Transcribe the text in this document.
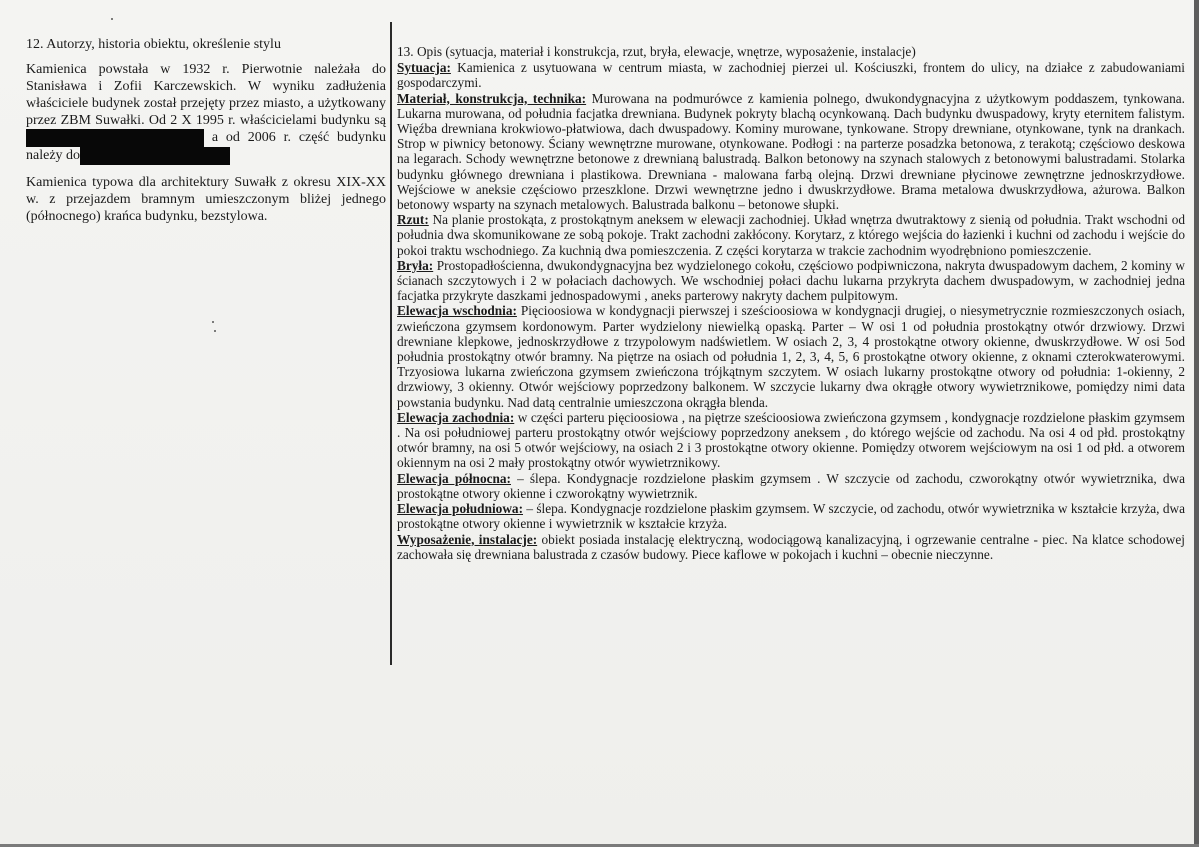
12. Autorzy, historia obiektu, określenie stylu

Kamienica powstała w 1932 r. Pierwotnie należała do Stanisława i Zofii Karczewskich. W wyniku zadłużenia właściciele budynek został przejęty przez miasto, a użytkowany przez ZBM Suwałki. Od 2 X 1995 r. właścicielami budynku są  a od 2006 r. część budynku należy do

Kamienica typowa dla architektury Suwałk z okresu XIX-XX w. z przejazdem bramnym umieszczonym bliżej jednego (północnego) krańca budynku, bezstylowa.

13. Opis (sytuacja, materiał i konstrukcja, rzut, bryła, elewacje, wnętrze, wyposażenie, instalacje)

Sytuacja: Kamienica z usytuowana w centrum miasta, w zachodniej pierzei ul. Kościuszki, frontem do ulicy, na działce z zabudowaniami gospodarczymi.

Materiał, konstrukcja, technika: Murowana na podmurówce z kamienia polnego, dwukondygnacyjna z użytkowym poddaszem, tynkowana. Lukarna murowana, od południa facjatka drewniana. Budynek pokryty blachą ocynkowaną. Dach budynku dwuspadowy, kryty eternitem falistym. Więźba drewniana krokwiowo-płatwiowa, dach dwuspadowy. Kominy murowane, tynkowane. Stropy drewniane, otynkowane, tynk na drankach. Strop w piwnicy betonowy. Ściany wewnętrzne murowane, otynkowane. Podłogi : na parterze posadzka betonowa, z terakotą; częściowo deskowa na legarach. Schody wewnętrzne betonowe z drewnianą balustradą. Balkon betonowy na szynach stalowych z betonowymi balustradami. Stolarka budynku głównego drewniana i plastikowa. Drewniana - malowana farbą olejną. Drzwi drewniane płycinowe zewnętrzne jednoskrzydłowe. Wejściowe w aneksie częściowo przeszklone. Drzwi wewnętrzne jedno i dwuskrzydłowe. Brama metalowa dwuskrzydłowa, ażurowa. Balkon betonowy wsparty na szynach metalowych. Balustrada balkonu – betonowe słupki.

Rzut: Na planie prostokąta, z prostokątnym aneksem w elewacji zachodniej. Układ wnętrza dwutraktowy z sienią od południa. Trakt wschodni od południa dwa skomunikowane ze sobą pokoje. Trakt zachodni zakłócony. Korytarz, z którego wejścia do łazienki i kuchni od zachodu i wejście do pokoi traktu wschodniego. Za kuchnią dwa pomieszczenia. Z części korytarza w trakcie zachodnim wyodrębniono pomieszczenie.

Bryła: Prostopadłościenna, dwukondygnacyjna bez wydzielonego cokołu, częściowo podpiwniczona, nakryta dwuspadowym dachem, 2 kominy w ścianach szczytowych i 2 w połaciach dachowych. We wschodniej połaci dachu lukarna przykryta dachem dwuspadowym, w zachodniej jedna facjatka przykryte daszkami jednospadowymi , aneks parterowy nakryty dachem pulpitowym.

Elewacja wschodnia: Pięcioosiowa w kondygnacji pierwszej i sześcioosiowa w kondygnacji drugiej, o niesymetrycznie rozmieszczonych osiach, zwieńczona gzymsem kordonowym. Parter wydzielony niewielką opaską. Parter – W osi 1 od południa prostokątny otwór drzwiowy. Drzwi drewniane klepkowe, jednoskrzydłowe z trzypolowym nadświetlem. W osiach 2, 3, 4 prostokątne otwory okienne, dwuskrzydłowe. W osi 5od południa prostokątny otwór bramny. Na piętrze na osiach od południa 1, 2, 3, 4, 5, 6 prostokątne otwory okienne, z oknami czterokwaterowymi. Trzyosiowa lukarna zwieńczona gzymsem zwieńczona trójkątnym szczytem. W osiach lukarny prostokątne otwory od południa: 1-okienny, 2 drzwiowy, 3 okienny. Otwór wejściowy poprzedzony balkonem. W szczycie lukarny dwa okrągłe otwory wywietrznikowe, pomiędzy nimi data powstania budynku. Nad datą centralnie umieszczona okrągła blenda.

Elewacja zachodnia: w części parteru pięcioosiowa , na piętrze sześcioosiowa zwieńczona gzymsem , kondygnacje rozdzielone płaskim gzymsem . Na osi południowej parteru prostokątny otwór wejściowy poprzedzony aneksem , do którego wejście od zachodu. Na osi 4 od płd. prostokątny otwór bramny, na osi 5 otwór wejściowy, na osiach 2 i 3 prostokątne otwory okienne. Pomiędzy otworem wejściowym na osi 1 od płd. a otworem okiennym na osi 2 mały prostokątny otwór wywietrznikowy.

Elewacja północna: – ślepa. Kondygnacje rozdzielone płaskim gzymsem . W szczycie od zachodu, czworokątny otwór wywietrznika, dwa prostokątne otwory okienne i czworokątny wywietrznik.

Elewacja południowa: – ślepa. Kondygnacje rozdzielone płaskim gzymsem. W szczycie, od zachodu, otwór wywietrznika w kształcie krzyża, dwa prostokątne otwory okienne i wywietrznik w kształcie krzyża.

Wyposażenie, instalacje: obiekt posiada instalację elektryczną, wodociągową kanalizacyjną, i ogrzewanie centralne - piec. Na klatce schodowej zachowała się drewniana balustrada z czasów budowy. Piece kaflowe w pokojach i kuchni – obecnie nieczynne.
